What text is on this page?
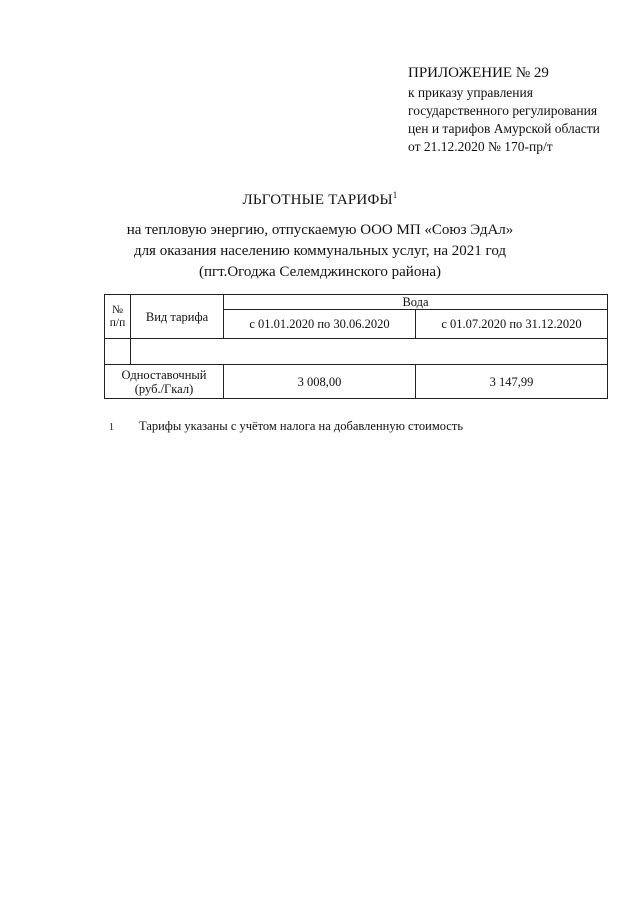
ПРИЛОЖЕНИЕ № 29
к приказу управления
государственного регулирования
цен и тарифов Амурской области
от 21.12.2020 № 170-пр/т
ЛЬГОТНЫЕ ТАРИФЫ$^1$
на тепловую энергию, отпускаемую ООО МП «Союз ЭдАл»
для оказания населению коммунальных услуг, на 2021 год
(пгт.Огоджа Селемджинского района)
№ п/п	Вид тарифа	Вода	
		с 01.01.2020 по 30.06.2020	с 01.07.2020 по 31.12.2020

Одноставочный (руб./Гкал)		3 008,00	3 147,99
1 Тарифы указаны с учётом налога на добавленную стоимость
